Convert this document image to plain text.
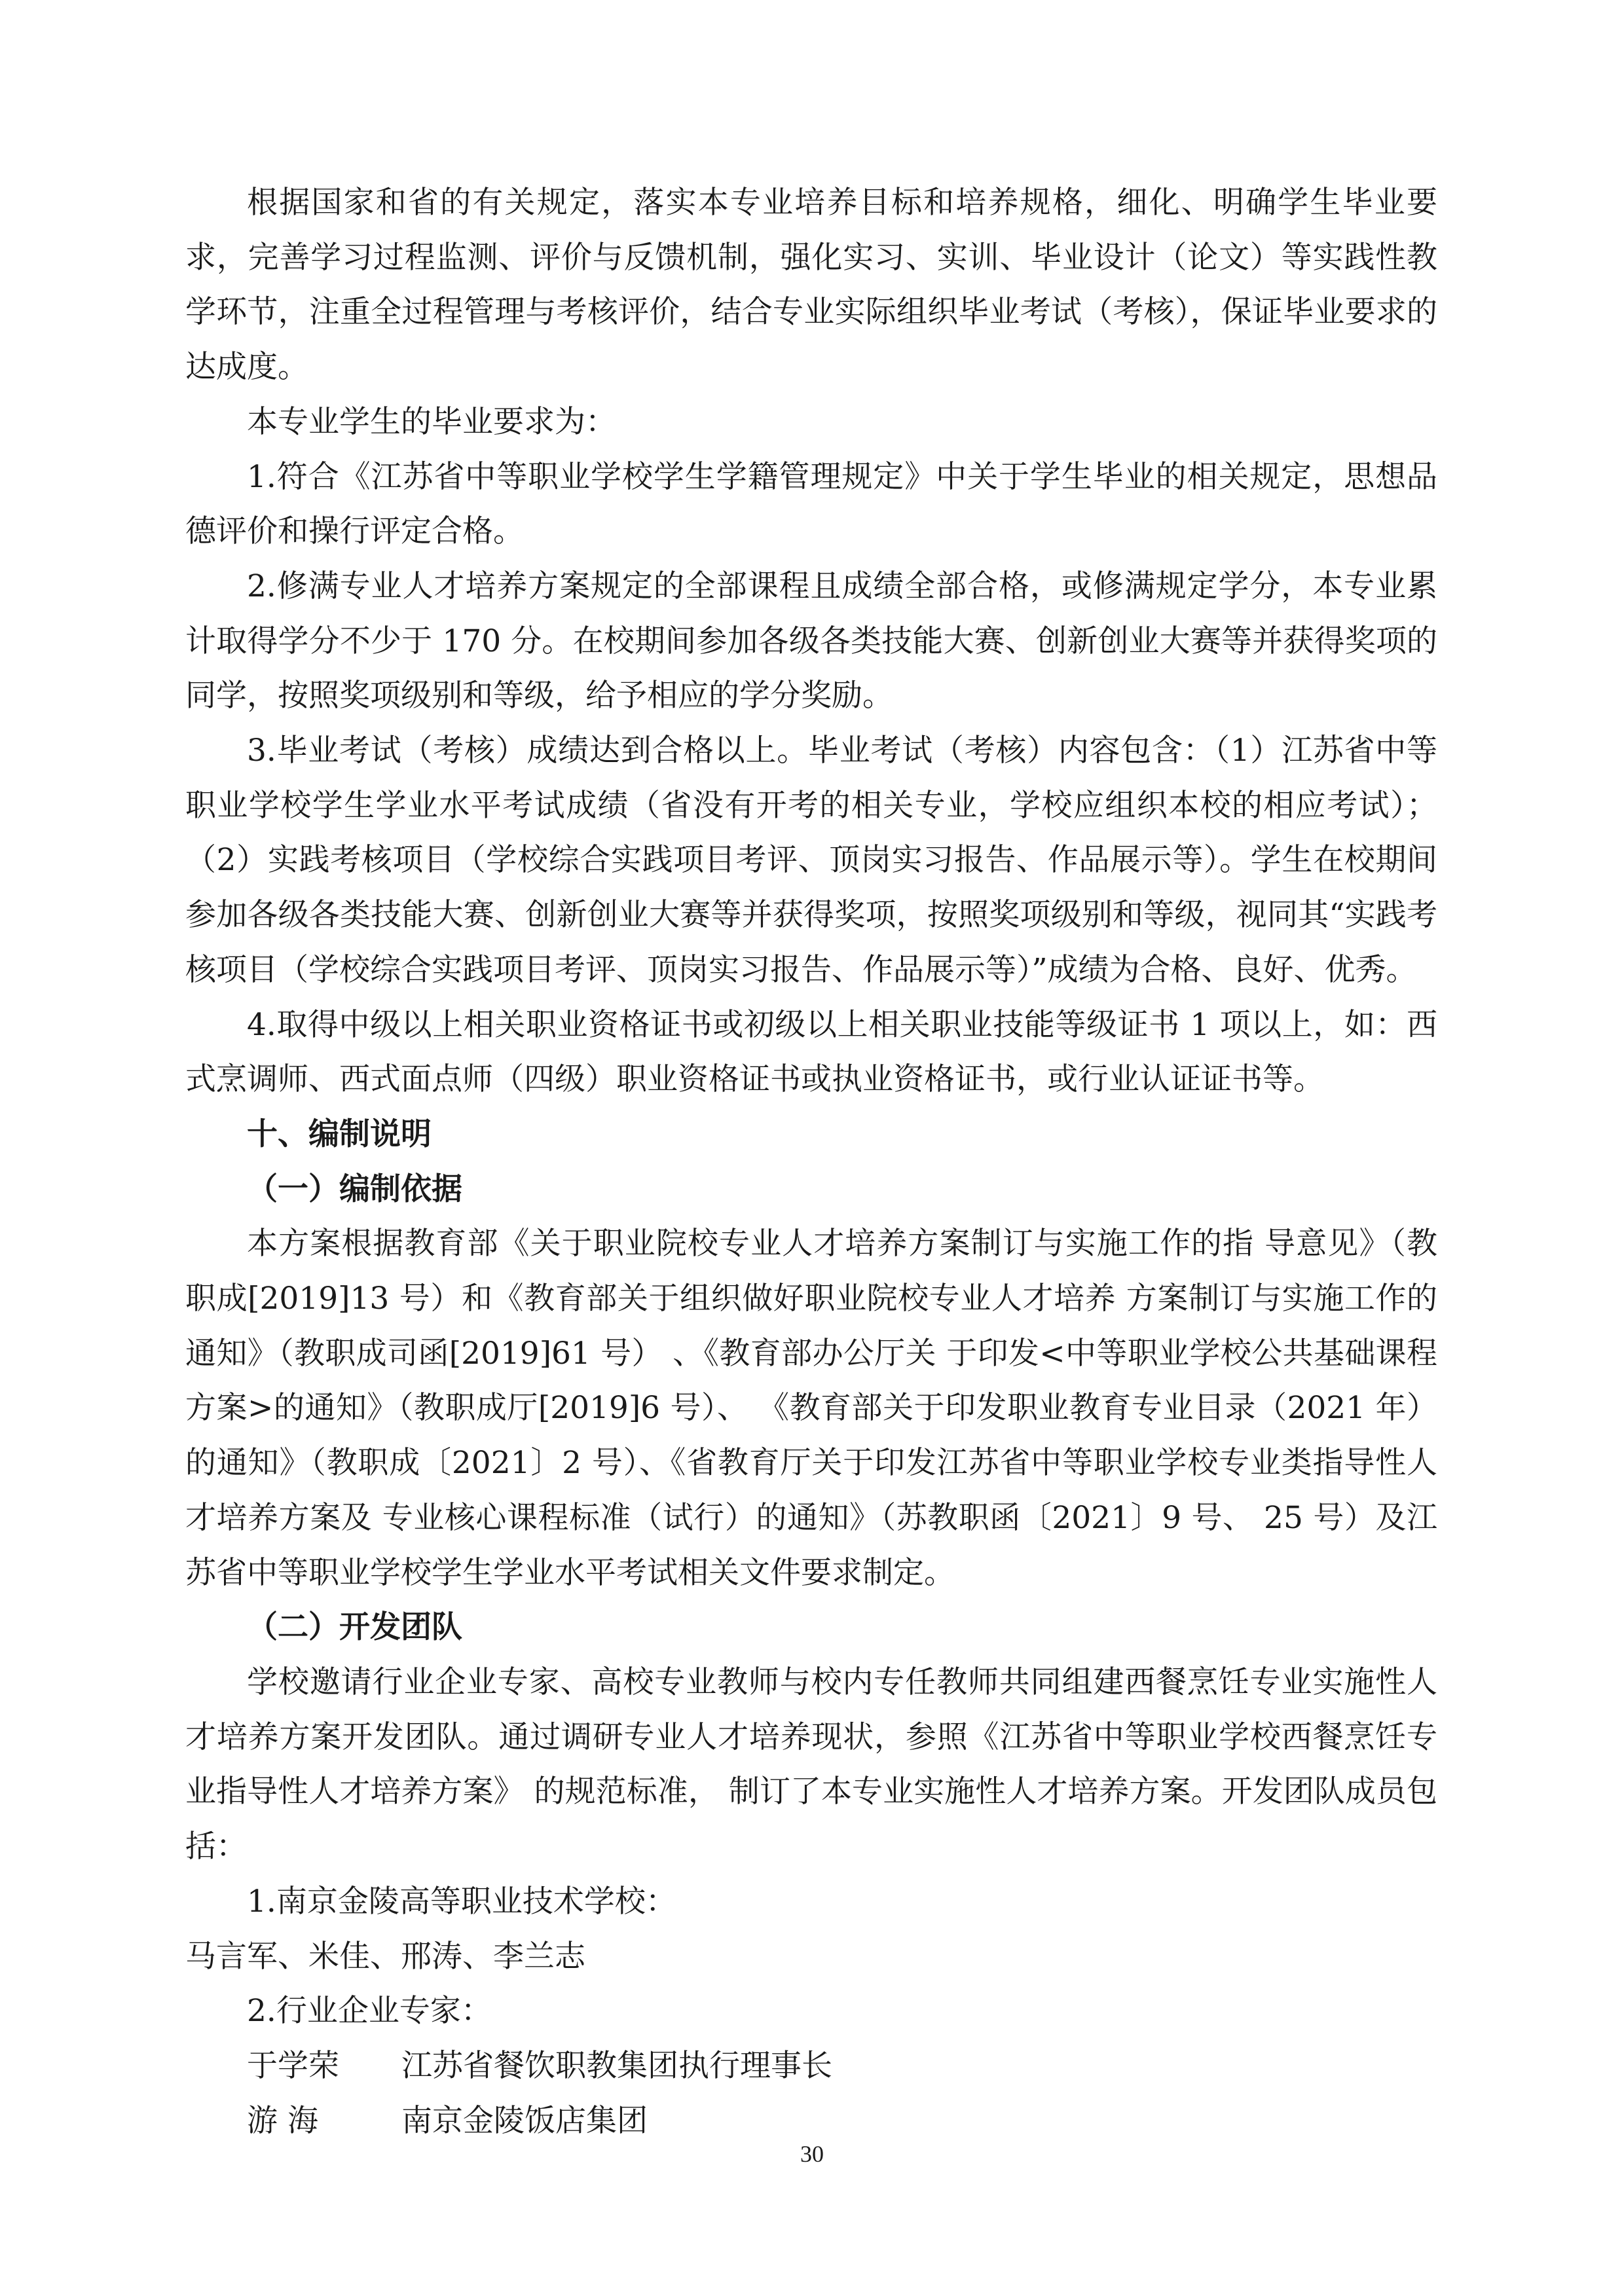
根据国家和省的有关规定，落实本专业培养目标和培养规格，细化、明确学生毕业要求，完善学习过程监测、评价与反馈机制，强化实习、实训、毕业设计（论文）等实践性教学环节，注重全过程管理与考核评价，结合专业实际组织毕业考试（考核），保证毕业要求的达成度。

本专业学生的毕业要求为：

1.符合《江苏省中等职业学校学生学籍管理规定》中关于学生毕业的相关规定，思想品德评价和操行评定合格。

2.修满专业人才培养方案规定的全部课程且成绩全部合格，或修满规定学分，本专业累计取得学分不少于 170 分。在校期间参加各级各类技能大赛、创新创业大赛等并获得奖项的同学，按照奖项级别和等级，给予相应的学分奖励。

3.毕业考试（考核）成绩达到合格以上。毕业考试（考核）内容包含：（1）江苏省中等职业学校学生学业水平考试成绩（省没有开考的相关专业，学校应组织本校的相应考试）；（2）实践考核项目（学校综合实践项目考评、顶岗实习报告、作品展示等）。学生在校期间参加各级各类技能大赛、创新创业大赛等并获得奖项，按照奖项级别和等级，视同其“实践考核项目（学校综合实践项目考评、顶岗实习报告、作品展示等）”成绩为合格、良好、优秀。

4.取得中级以上相关职业资格证书或初级以上相关职业技能等级证书 1 项以上，如：西式烹调师、西式面点师（四级）职业资格证书或执业资格证书，或行业认证证书等。

十、编制说明

（一）编制依据

本方案根据教育部《关于职业院校专业人才培养方案制订与实施工作的指 导意见》（教职成[2019]13 号）和《教育部关于组织做好职业院校专业人才培养 方案制订与实施工作的通知》（教职成司函[2019]61 号） 、《教育部办公厅关 于印发<中等职业学校公共基础课程方案>的通知》（教职成厅[2019]6 号）、 《教育部关于印发职业教育专业目录（2021 年）的通知》（教职成〔2021〕2 号）、《省教育厅关于印发江苏省中等职业学校专业类指导性人才培养方案及 专业核心课程标准（试行）的通知》（苏教职函〔2021〕9 号、 25 号）及江苏省中等职业学校学生学业水平考试相关文件要求制定。

（二）开发团队

学校邀请行业企业专家、高校专业教师与校内专任教师共同组建西餐烹饪专业实施性人才培养方案开发团队。通过调研专业人才培养现状，参照《江苏省中等职业学校西餐烹饪专业指导性人才培养方案》 的规范标准， 制订了本专业实施性人才培养方案。开发团队成员包括：

1.南京金陵高等职业技术学校：

马言军、米佳、邢涛、李兰志

2.行业企业专家：

于学荣 江苏省餐饮职教集团执行理事长

游 海	南京金陵饭店集团

30
